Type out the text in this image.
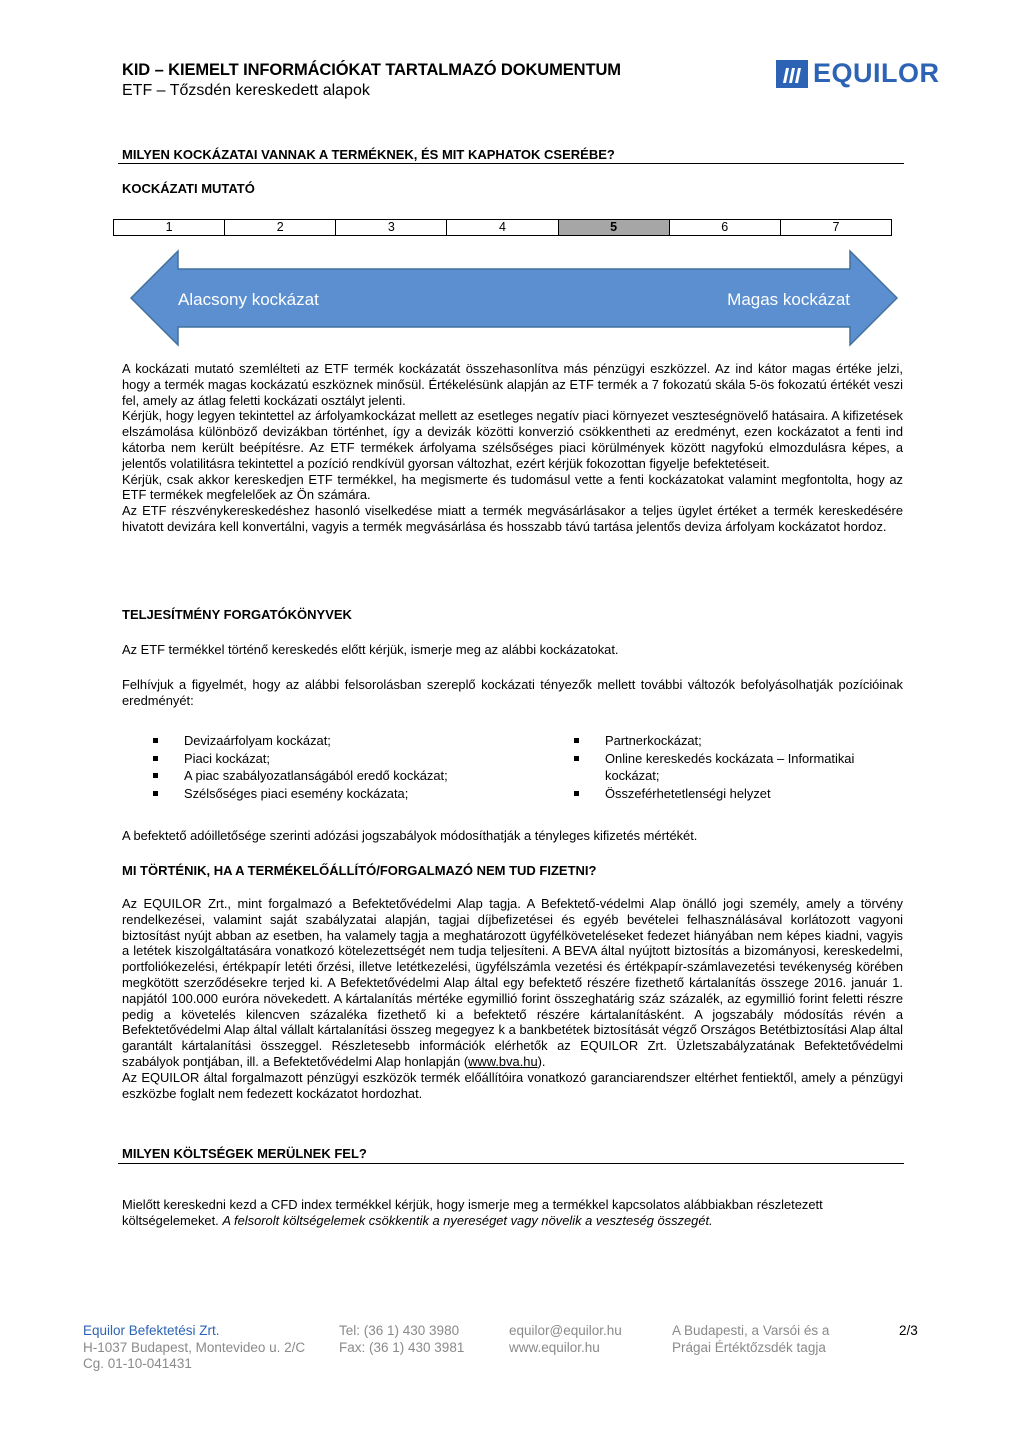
KID – KIEMELT INFORMÁCIÓKAT TARTALMAZÓ DOKUMENTUM
ETF – Tőzsdén kereskedett alapok
EQUILOR
MILYEN KOCKÁZATAI VANNAK A TERMÉKNEK, ÉS MIT KAPHATOK CSERÉBE?
KOCKÁZATI MUTATÓ
1	2	3	4	5	6	7
Alacsony kockázat	Magas kockázat

A kockázati mutató szemlélteti az ETF termék kockázatát összehasonlítva más pénzügyi eszközzel. Az ind kátor magas értéke jelzi, hogy a termék magas kockázatú eszköznek minősül. Értékelésünk alapján az ETF termék a 7 fokozatú skála 5-ös fokozatú értékét veszi fel, amely az átlag feletti kockázati osztályt jelenti.

Kérjük, hogy legyen tekintettel az árfolyamkockázat mellett az esetleges negatív piaci környezet veszteségnövelő hatásaira. A kifizetések elszámolása különböző devizákban történhet, így a devizák közötti konverzió csökkentheti az eredményt, ezen kockázatot a fenti ind kátorba nem került beépítésre. Az ETF termékek árfolyama szélsőséges piaci körülmények között nagyfokú elmozdulásra képes, a jelentős volatilitásra tekintettel a pozíció rendkívül gyorsan változhat, ezért kérjük fokozottan figyelje befektetéseit.

Kérjük, csak akkor kereskedjen ETF termékkel, ha megismerte és tudomásul vette a fenti kockázatokat valamint megfontolta, hogy az ETF termékek megfelelőek az Ön számára.

Az ETF részvénykereskedéshez hasonló viselkedése miatt a termék megvásárlásakor a teljes ügylet értéket a termék kereskedésére hivatott devizára kell konvertálni, vagyis a termék megvásárlása és hosszabb távú tartása jelentős deviza árfolyam kockázatot hordoz.

TELJESÍTMÉNY FORGATÓKÖNYVEK
Az ETF termékkel történő kereskedés előtt kérjük, ismerje meg az alábbi kockázatokat.
Felhívjuk a figyelmét, hogy az alábbi felsorolásban szereplő kockázati tényezők mellett további változók befolyásolhatják pozícióinak eredményét:
Devizaárfolyam kockázat;
Piaci kockázat;
A piac szabályozatlanságából eredő kockázat;
Szélsőséges piaci esemény kockázata;
Partnerkockázat;
Online kereskedés kockázata – Informatikai kockázat;
Összeférhetetlenségi helyzet
A befektető adóilletősége szerinti adózási jogszabályok módosíthatják a tényleges kifizetés mértékét.
MI TÖRTÉNIK, HA A TERMÉKELŐÁLLÍTÓ/FORGALMAZÓ NEM TUD FIZETNI?

Az EQUILOR Zrt., mint forgalmazó a Befektetővédelmi Alap tagja. A Befektető-védelmi Alap önálló jogi személy, amely a törvény rendelkezései, valamint saját szabályzatai alapján, tagjai díjbefizetései és egyéb bevételei felhasználásával korlátozott vagyoni biztosítást nyújt abban az esetben, ha valamely tagja a meghatározott ügyfélköveteléseket fedezet hiányában nem képes kiadni, vagyis a letétek kiszolgáltatására vonatkozó kötelezettségét nem tudja teljesíteni. A BEVA által nyújtott biztosítás a bizományosi, kereskedelmi, portfoliókezelési, értékpapír letéti őrzési, illetve letétkezelési, ügyfélszámla vezetési és értékpapír-számlavezetési tevékenység körében megkötött szerződésekre terjed ki. A Befektetővédelmi Alap által egy befektető részére fizethető kártalanítás összege 2016. január 1. napjától 100.000 euróra növekedett. A kártalanítás mértéke egymillió forint összeghatárig száz százalék, az egymillió forint feletti részre pedig a követelés kilencven százaléka fizethető ki a befektető részére kártalanításként. A jogszabály módosítás révén a Befektetővédelmi Alap által vállalt kártalanítási összeg megegyez k a bankbetétek biztosítását végző Országos Betétbiztosítási Alap által garantált kártalanítási összeggel. Részletesebb információk elérhetők az EQUILOR Zrt. Üzletszabályzatának Befektetővédelmi szabályok pontjában, ill. a Befektetővédelmi Alap honlapján (www.bva.hu).

Az EQUILOR által forgalmazott pénzügyi eszközök termék előállítóira vonatkozó garanciarendszer eltérhet fentiektől, amely a pénzügyi eszközbe foglalt nem fedezett kockázatot hordozhat.

MILYEN KÖLTSÉGEK MERÜLNEK FEL?
Mielőtt kereskedni kezd a CFD index termékkel kérjük, hogy ismerje meg a termékkel kapcsolatos alábbiakban részletezett költségelemeket. A felsorolt költségelemek csökkentik a nyereséget vagy növelik a veszteség összegét.
Equilor Befektetési Zrt.
H-1037 Budapest, Montevideo u. 2/C
Cg. 01-10-041431
Tel: (36 1) 430 3980
Fax: (36 1) 430 3981
equilor@equilor.hu
www.equilor.hu
A Budapesti, a Varsói és a
Prágai Értéktőzsdék tagja
2/3
